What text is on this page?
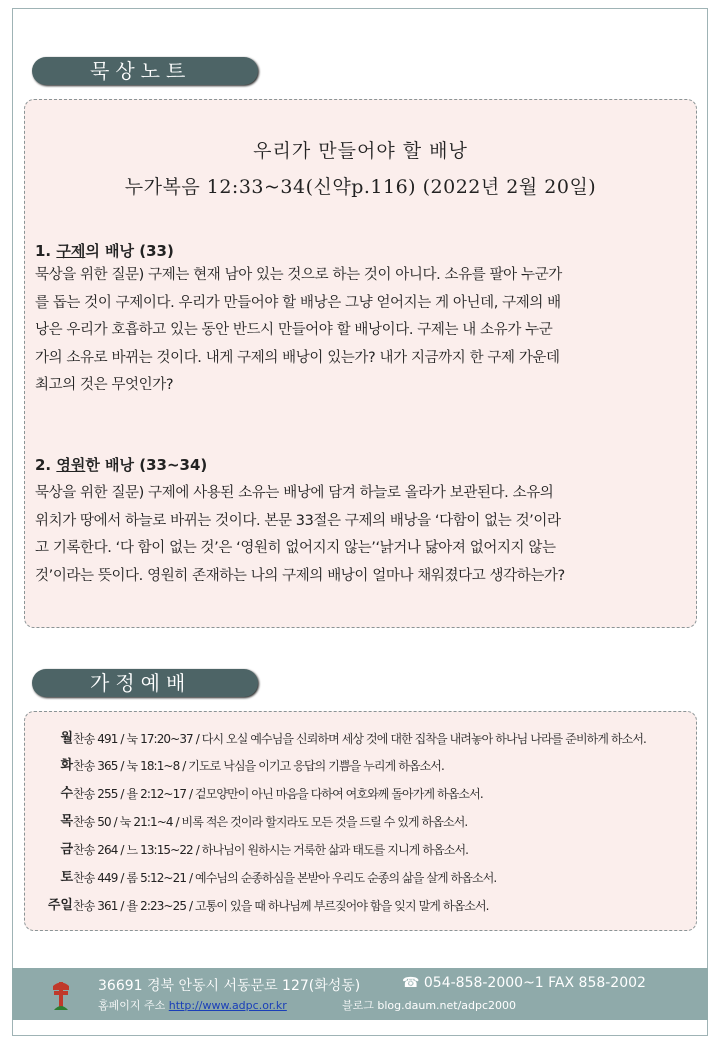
묵상노트
우리가 만들어야 할 배낭
누가복음 12:33~34(신약p.116) (2022년 2월 20일)
1. 구제의 배낭 (33)
묵상을 위한 질문) 구제는 현재 남아 있는 것으로 하는 것이 아니다. 소유를 팔아 누군가
를 돕는 것이 구제이다. 우리가 만들어야 할 배낭은 그냥 얻어지는 게 아닌데, 구제의 배
낭은 우리가 호흡하고 있는 동안 반드시 만들어야 할 배낭이다. 구제는 내 소유가 누군
가의 소유로 바뀌는 것이다. 내게 구제의 배낭이 있는가? 내가 지금까지 한 구제 가운데
최고의 것은 무엇인가?
2. 영원한 배낭 (33~34)
묵상을 위한 질문) 구제에 사용된 소유는 배낭에 담겨 하늘로 올라가 보관된다. 소유의
위치가 땅에서 하늘로 바뀌는 것이다. 본문 33절은 구제의 배낭을 ‘다함이 없는 것’이라
고 기록한다. ‘다 함이 없는 것’은 ‘영원히 없어지지 않는’‘낡거나 닳아져 없어지지 않는
것’이라는 뜻이다. 영원히 존재하는 나의 구제의 배낭이 얼마나 채워졌다고 생각하는가?
가정예배
월 찬송 491 / 눅 17:20~37 / 다시 오실 예수님을 신뢰하며 세상 것에 대한 집착을 내려놓아 하나님 나라를 준비하게 하소서.
화 찬송 365 / 눅 18:1~8 / 기도로 낙심을 이기고 응답의 기쁨을 누리게 하옵소서.
수 찬송 255 / 욜 2:12~17 / 겉모양만이 아닌 마음을 다하여 여호와께 돌아가게 하옵소서.
목 찬송 50 / 눅 21:1~4 / 비록 적은 것이라 할지라도 모든 것을 드릴 수 있게 하옵소서.
금 찬송 264 / 느 13:15~22 / 하나님이 원하시는 거룩한 삶과 태도를 지니게 하옵소서.
토 찬송 449 / 롬 5:12~21 / 예수님의 순종하심을 본받아 우리도 순종의 삶을 살게 하옵소서.
주일 찬송 361 / 욜 2:23~25 / 고통이 있을 때 하나님께 부르짖어야 함을 잊지 말게 하옵소서.
36691 경북 안동시 서동문로 127(화성동)	☎ 054-858-2000~1 FAX 858-2002
홈페이지 주소 http://www.adpc.or.kr	블로그 blog.daum.net/adpc2000
